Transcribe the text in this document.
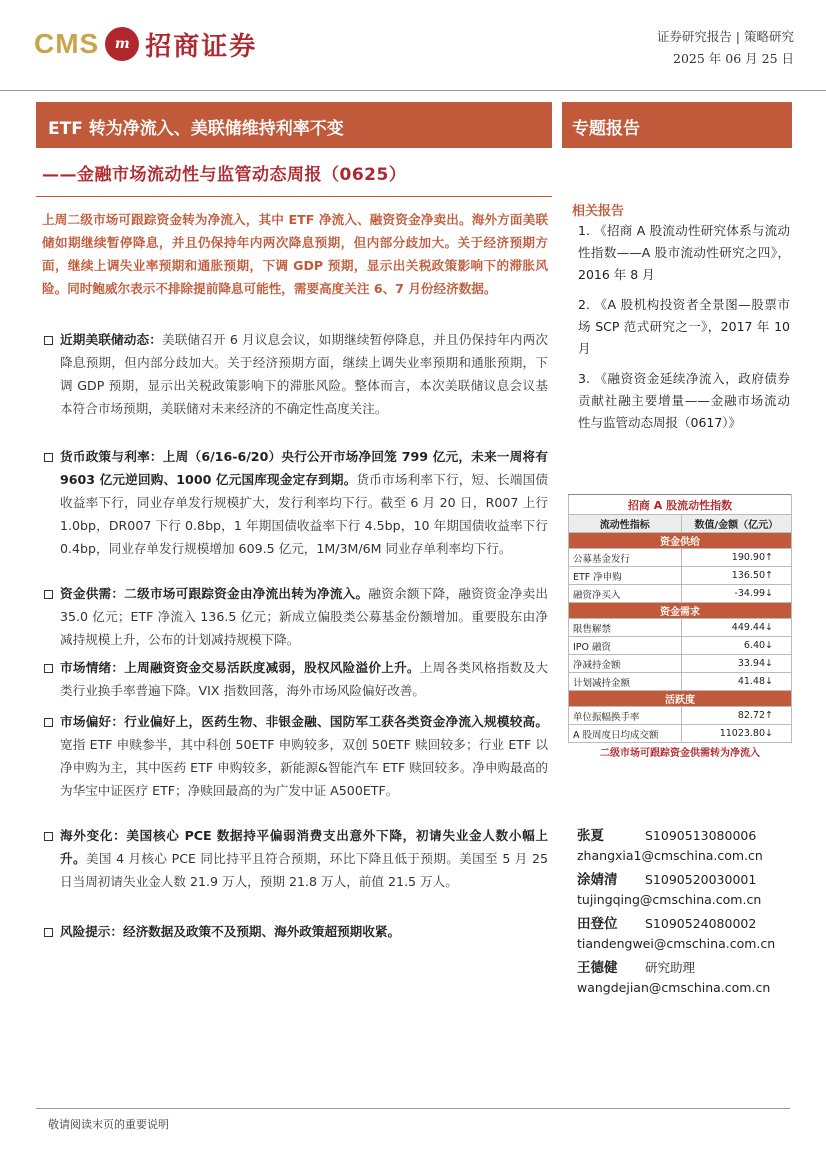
CMS	m 招商证券	证券研究报告 | 策略研究
2025 年 06 月 25 日
ETF 转为净流入、美联储维持利率不变	专题报告
——金融市场流动性与监管动态周报（0625）
上周二级市场可跟踪资金转为净流入，其中 ETF 净流入、融资资金净卖出。海外方面美联储如期继续暂停降息，并且仍保持年内两次降息预期，但内部分歧加大。关于经济预期方面，继续上调失业率预期和通胀预期，下调 GDP 预期，显示出关税政策影响下的滞胀风险。同时鲍威尔表示不排除提前降息可能性，需要高度关注 6、7 月份经济数据。
近期美联储动态：美联储召开 6 月议息会议，如期继续暂停降息，并且仍保持年内两次降息预期，但内部分歧加大。关于经济预期方面，继续上调失业率预期和通胀预期，下调 GDP 预期，显示出关税政策影响下的滞胀风险。整体而言，本次美联储议息会议基本符合市场预期，美联储对未来经济的不确定性高度关注。
货币政策与利率：上周（6/16-6/20）央行公开市场净回笼 799 亿元，未来一周将有 9603 亿元逆回购、1000 亿元国库现金定存到期。货币市场利率下行，短、长端国债收益率下行，同业存单发行规模扩大，发行利率均下行。截至 6 月 20 日，R007 上行 1.0bp，DR007 下行 0.8bp，1 年期国债收益率下行 4.5bp，10 年期国债收益率下行 0.4bp，同业存单发行规模增加 609.5 亿元，1M/3M/6M 同业存单利率均下行。
资金供需：二级市场可跟踪资金由净流出转为净流入。融资余额下降，融资资金净卖出 35.0 亿元；ETF 净流入 136.5 亿元；新成立偏股类公募基金份额增加。重要股东由净减持规模上升，公布的计划减持规模下降。
市场情绪：上周融资资金交易活跃度减弱，股权风险溢价上升。上周各类风格指数及大类行业换手率普遍下降。VIX 指数回落，海外市场风险偏好改善。
市场偏好：行业偏好上，医药生物、非银金融、国防军工获各类资金净流入规模较高。宽指 ETF 申赎参半，其中科创 50ETF 申购较多，双创 50ETF 赎回较多；行业 ETF 以净申购为主，其中医药 ETF 申购较多，新能源&智能汽车 ETF 赎回较多。净申购最高的为华宝中证医疗 ETF；净赎回最高的为广发中证 A500ETF。
海外变化：美国核心 PCE 数据持平偏弱消费支出意外下降，初请失业金人数小幅上升。美国 4 月核心 PCE 同比持平且符合预期，环比下降且低于预期。美国至 5 月 25 日当周初请失业金人数 21.9 万人，预期 21.8 万人，前值 21.5 万人。
风险提示：经济数据及政策不及预期、海外政策超预期收紧。
相关报告
1. 《招商 A 股流动性研究体系与流动性指数——A 股市流动性研究之四》，2016 年 8 月
2. 《A 股机构投资者全景图—股票市场 SCP 范式研究之一》，2017 年 10 月
3. 《融资资金延续净流入，政府债券贡献社融主要增量——金融市场流动性与监管动态周报（0617）》
招商 A 股流动性指数	
流动性指标	数值/金额（亿元）
资金供给	
公募基金发行	190.90↑
ETF 净申购	136.50↑
融资净买入	-34.99↓
资金需求	
限售解禁	449.44↓
IPO 融资	6.40↓
净减持金额	33.94↓
计划减持金额	41.48↓
活跃度	
单位振幅换手率	82.72↑
A 股周度日均成交额	11023.80↓
二级市场可跟踪资金供需转为净流入	
张夏	S1090513080006
zhangxia1@cmschina.com.cn
涂婧清 S1090520030001
tujingqing@cmschina.com.cn
田登位 S1090524080002
tiandengwei@cmschina.com.cn
王德健 研究助理
wangdejian@cmschina.com.cn
敬请阅读末页的重要说明
